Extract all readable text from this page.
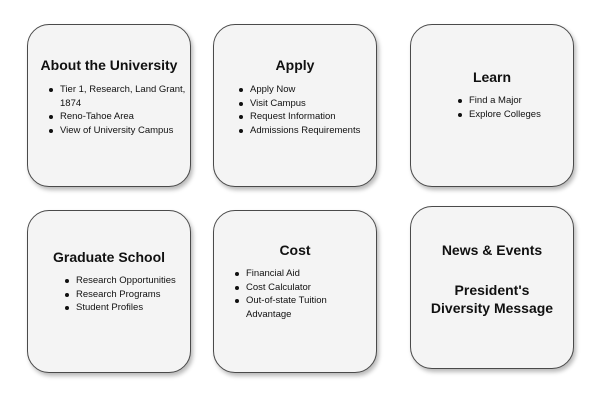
About the University
Tier 1, Research, Land Grant, 1874
Reno-Tahoe Area
View of University Campus
Apply
Apply Now
Visit Campus
Request Information
Admissions Requirements
Learn
Find a Major
Explore Colleges
Graduate School
Research Opportunities
Research Programs
Student Profiles
Cost
Financial Aid
Cost Calculator
Out-of-state Tuition Advantage
News & Events
President's
Diversity Message
